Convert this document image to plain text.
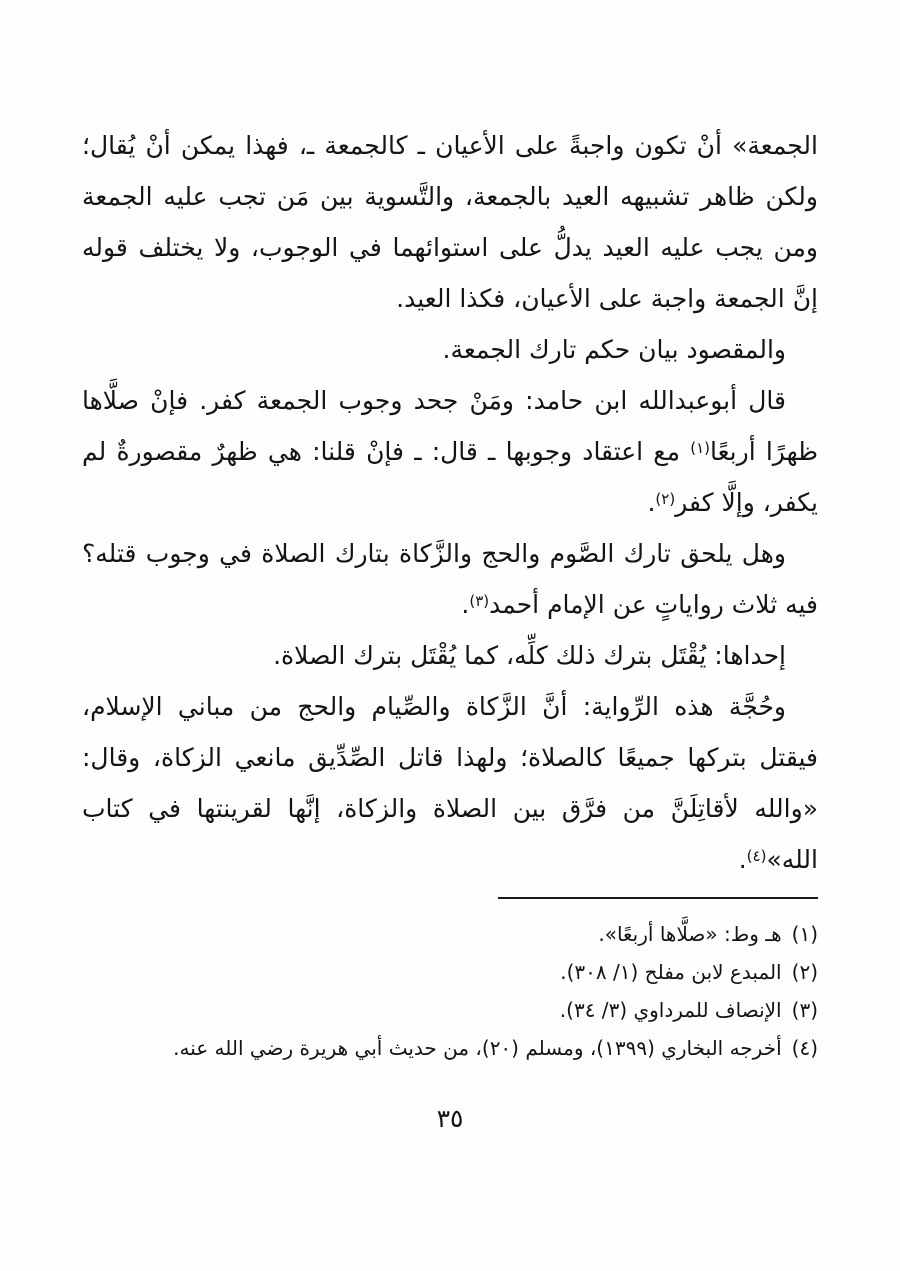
الجمعة» أنْ تكون واجبةً على الأعيان ـ كالجمعة ـ، فهذا يمكن أنْ يُقال؛ ولكن ظاهر تشبيهه العيد بالجمعة، والتَّسوية بين مَن تجب عليه الجمعة ومن يجب عليه العيد يدلُّ على استوائهما في الوجوب، ولا يختلف قوله إنَّ الجمعة واجبة على الأعيان، فكذا العيد.

والمقصود بيان حكم تارك الجمعة.

قال أبوعبدالله ابن حامد: ومَنْ جحد وجوب الجمعة كفر. فإنْ صلَّاها ظهرًا أربعًا$^{(١)}$ مع اعتقاد وجوبها ـ قال: ـ فإنْ قلنا: هي ظهرٌ مقصورةٌ لم يكفر، وإلَّا كفر$^{(٢)}$.

وهل يلحق تارك الصَّوم والحج والزَّكاة بتارك الصلاة في وجوب قتله؟ فيه ثلاث رواياتٍ عن الإمام أحمد$^{(٣)}$.

إحداها: يُقْتَل بترك ذلك كلِّه، كما يُقْتَل بترك الصلاة.

وحُجَّة هذه الرِّواية: أنَّ الزَّكاة والصِّيام والحج من مباني الإسلام، فيقتل بتركها جميعًا كالصلاة؛ ولهذا قاتل الصِّدِّيق مانعي الزكاة، وقال: «والله لأقاتِلَنَّ من فرَّق بين الصلاة والزكاة، إنَّها لقرينتها في كتاب الله»$^{(٤)}$.

(١)هـ وط: «صلَّاها أربعًا».
(٢)المبدع لابن مفلح (١/ ٣٠٨).
(٣)الإنصاف للمرداوي (٣/ ٣٤).
(٤)أخرجه البخاري (١٣٩٩)، ومسلم (٢٠)، من حديث أبي هريرة رضي الله عنه.
٣٥
